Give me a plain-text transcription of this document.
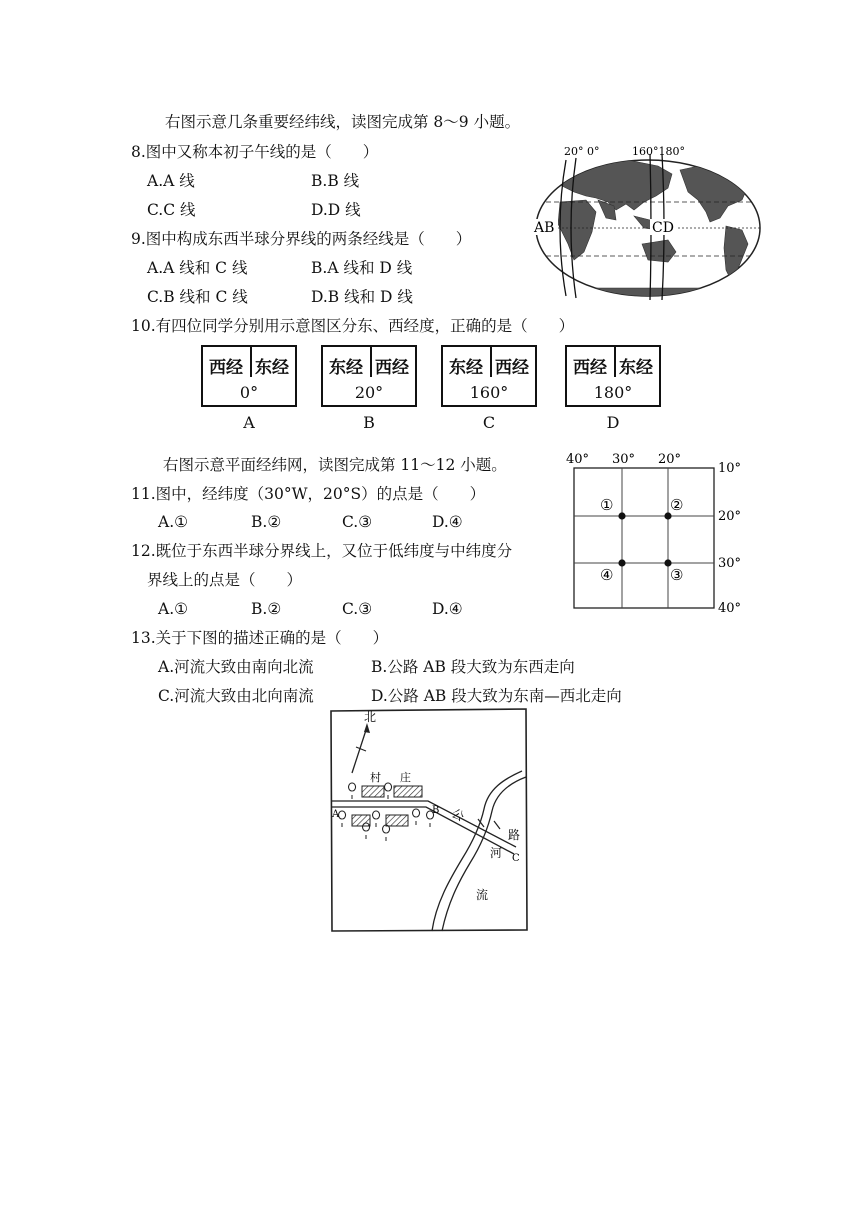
右图示意几条重要经纬线，读图完成第 8～9 小题。
8.图中又称本初子午线的是（　　）
A.A 线	B.B 线
C.C 线	D.D 线
9.图中构成东西半球分界线的两条经线是（　　）
A.A 线和 C 线	B.A 线和 D 线
C.B 线和 C 线	D.B 线和 D 线
20° 0°	160°180°
AB	CD
10.有四位同学分别用示意图区分东、西经度，正确的是（　　）
西经 东经
0°
东经 西经
20°
东经 西经
160°
西经 东经
180°
A	B	C	D
右图示意平面经纬网，读图完成第 11～12 小题。
11.图中，经纬度（30°W，20°S）的点是（　　）
A.①	B.②	C.③	D.④
12.既位于东西半球分界线上，又位于低纬度与中纬度分
界线上的点是（　　）
A.①	B.②	C.③	D.④
40° 30° 20°
10°
20°
30°
40°
①	②
③
④
13.关于下图的描述正确的是（　　）
A.河流大致由南向北流	B.公路 AB 段大致为东西走向
C.河流大致由北向南流	D.公路 AB 段大致为东南—西北走向
北
村 庄
A	B
C
公
路
河
流
